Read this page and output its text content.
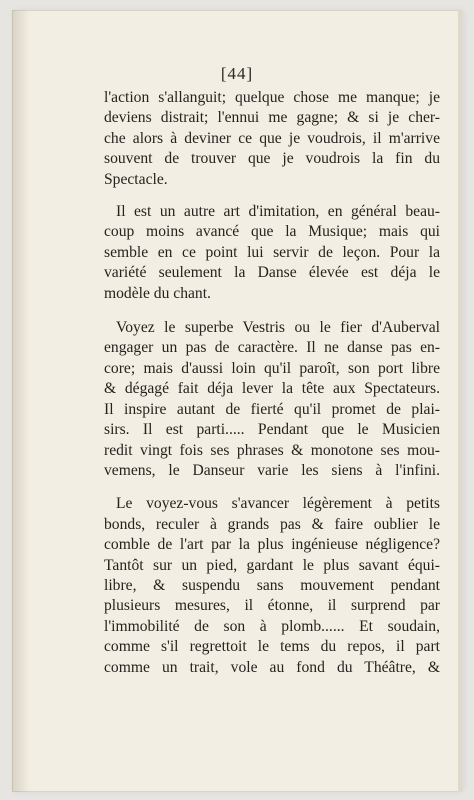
[44]

l'action s'allanguit; quelque chose me manque; je
deviens distrait; l'ennui me gagne; & si je cher-
che alors à deviner ce que je voudrois, il m'arrive
souvent de trouver que je voudrois la fin du
Spectacle.

Il est un autre art d'imitation, en général beau-
coup moins avancé que la Musique; mais qui
semble en ce point lui servir de leçon. Pour la
variété seulement la Danse élevée est déja le
modèle du chant.

Voyez le superbe Vestris ou le fier d'Auberval
engager un pas de caractère. Il ne danse pas en-
core; mais d'aussi loin qu'il paroît, son port libre
& dégagé fait déja lever la tête aux Spectateurs.
Il inspire autant de fierté qu'il promet de plai-
sirs. Il est parti..... Pendant que le Musicien
redit vingt fois ses phrases & monotone ses mou-
vemens, le Danseur varie les siens à l'infini.

Le voyez-vous s'avancer légèrement à petits
bonds, reculer à grands pas & faire oublier le
comble de l'art par la plus ingénieuse négligence?
Tantôt sur un pied, gardant le plus savant équi-
libre, & suspendu sans mouvement pendant
plusieurs mesures, il étonne, il surprend par
l'immobilité de son à plomb...... Et soudain,
comme s'il regrettoit le tems du repos, il part
comme un trait, vole au fond du Théâtre, &
